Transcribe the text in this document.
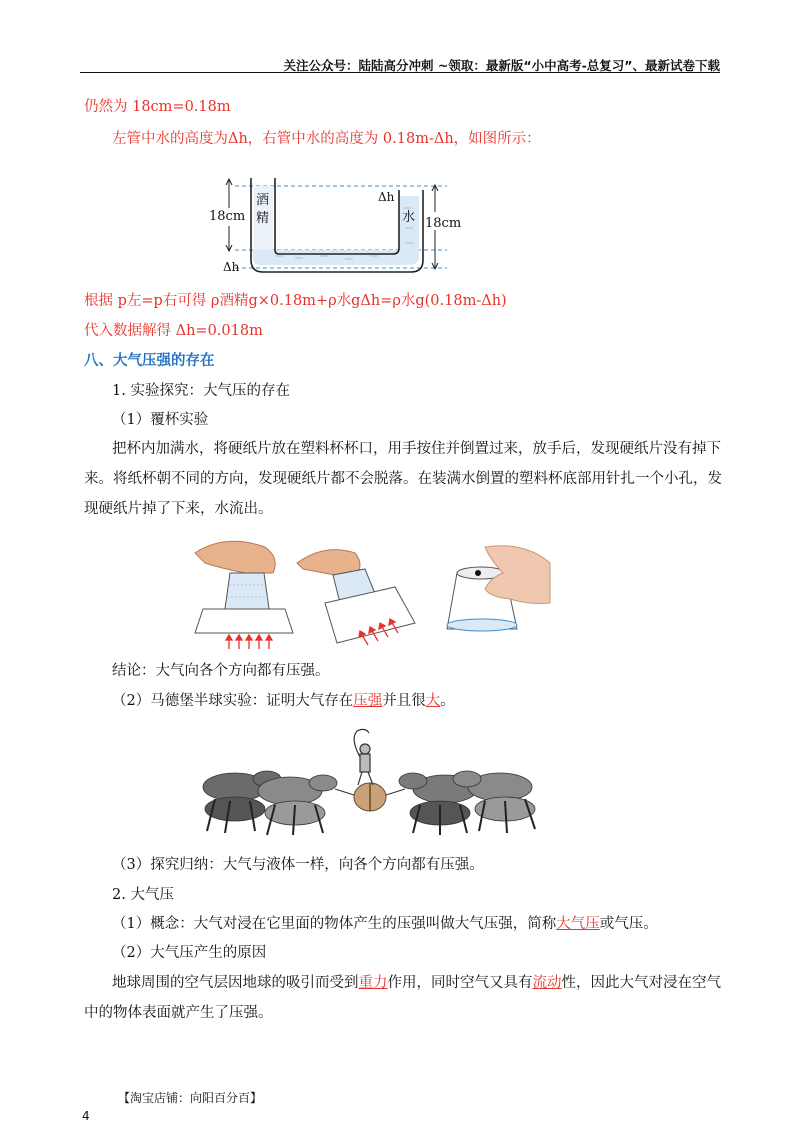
关注公众号：陆陆高分冲刺 ~领取：最新版“小中高考-总复习”、最新试卷下载
仍然为 18cm=0.18m
左管中水的高度为Δh，右管中水的高度为 0.18m-Δh，如图所示：
18cm
Δh
18cm
Δh
酒
精	水
根据 p左=p右可得 ρ酒精g×0.18m+ρ水gΔh=ρ水g(0.18m-Δh)
代入数据解得 Δh=0.018m
八、大气压强的存在
1. 实验探究：大气压的存在
（1）覆杯实验
把杯内加满水，将硬纸片放在塑料杯杯口，用手按住并倒置过来，放手后，发现硬纸片没有掉下
来。将纸杯朝不同的方向，发现硬纸片都不会脱落。在装满水倒置的塑料杯底部用针扎一个小孔，发
现硬纸片掉了下来，水流出。
结论：大气向各个方向都有压强。
（2）马德堡半球实验：证明大气存在压强并且很大。
（3）探究归纳：大气与液体一样，向各个方向都有压强。
2. 大气压
（1）概念：大气对浸在它里面的物体产生的压强叫做大气压强，简称大气压或气压。
（2）大气压产生的原因
地球周围的空气层因地球的吸引而受到重力作用，同时空气又具有流动性，因此大气对浸在空气
中的物体表面就产生了压强。
【淘宝店铺：向阳百分百】
4
